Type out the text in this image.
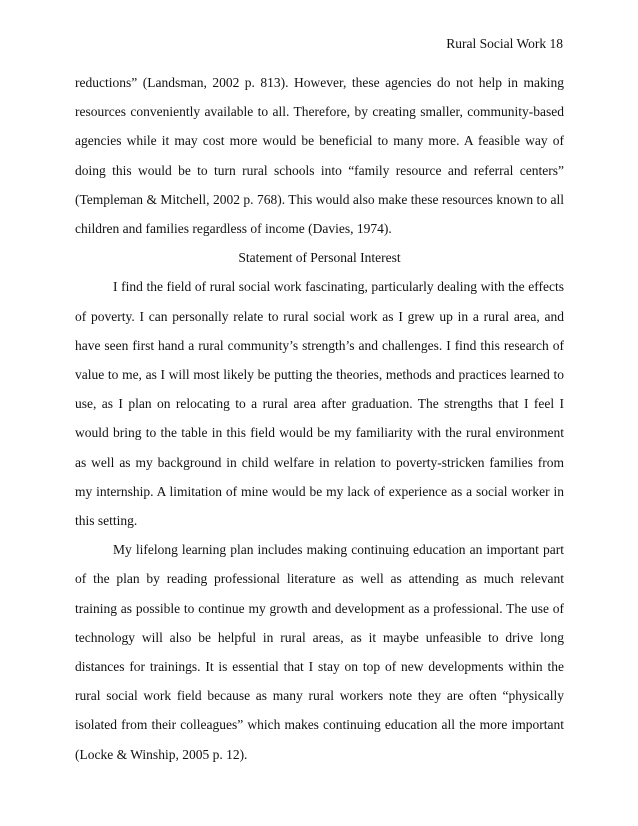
Rural Social Work 18

reductions” (Landsman, 2002 p. 813). However, these agencies do not help in making resources conveniently available to all. Therefore, by creating smaller, community-based agencies while it may cost more would be beneficial to many more. A feasible way of doing this would be to turn rural schools into “family resource and referral centers” (Templeman & Mitchell, 2002 p. 768). This would also make these resources known to all children and families regardless of income (Davies, 1974).

Statement of Personal Interest

I find the field of rural social work fascinating, particularly dealing with the effects of poverty. I can personally relate to rural social work as I grew up in a rural area, and have seen first hand a rural community’s strength’s and challenges. I find this research of value to me, as I will most likely be putting the theories, methods and practices learned to use, as I plan on relocating to a rural area after graduation. The strengths that I feel I would bring to the table in this field would be my familiarity with the rural environment as well as my background in child welfare in relation to poverty-stricken families from my internship. A limitation of mine would be my lack of experience as a social worker in this setting.

My lifelong learning plan includes making continuing education an important part of the plan by reading professional literature as well as attending as much relevant training as possible to continue my growth and development as a professional. The use of technology will also be helpful in rural areas, as it maybe unfeasible to drive long distances for trainings. It is essential that I stay on top of new developments within the rural social work field because as many rural workers note they are often “physically isolated from their colleagues” which makes continuing education all the more important (Locke & Winship, 2005 p. 12).
